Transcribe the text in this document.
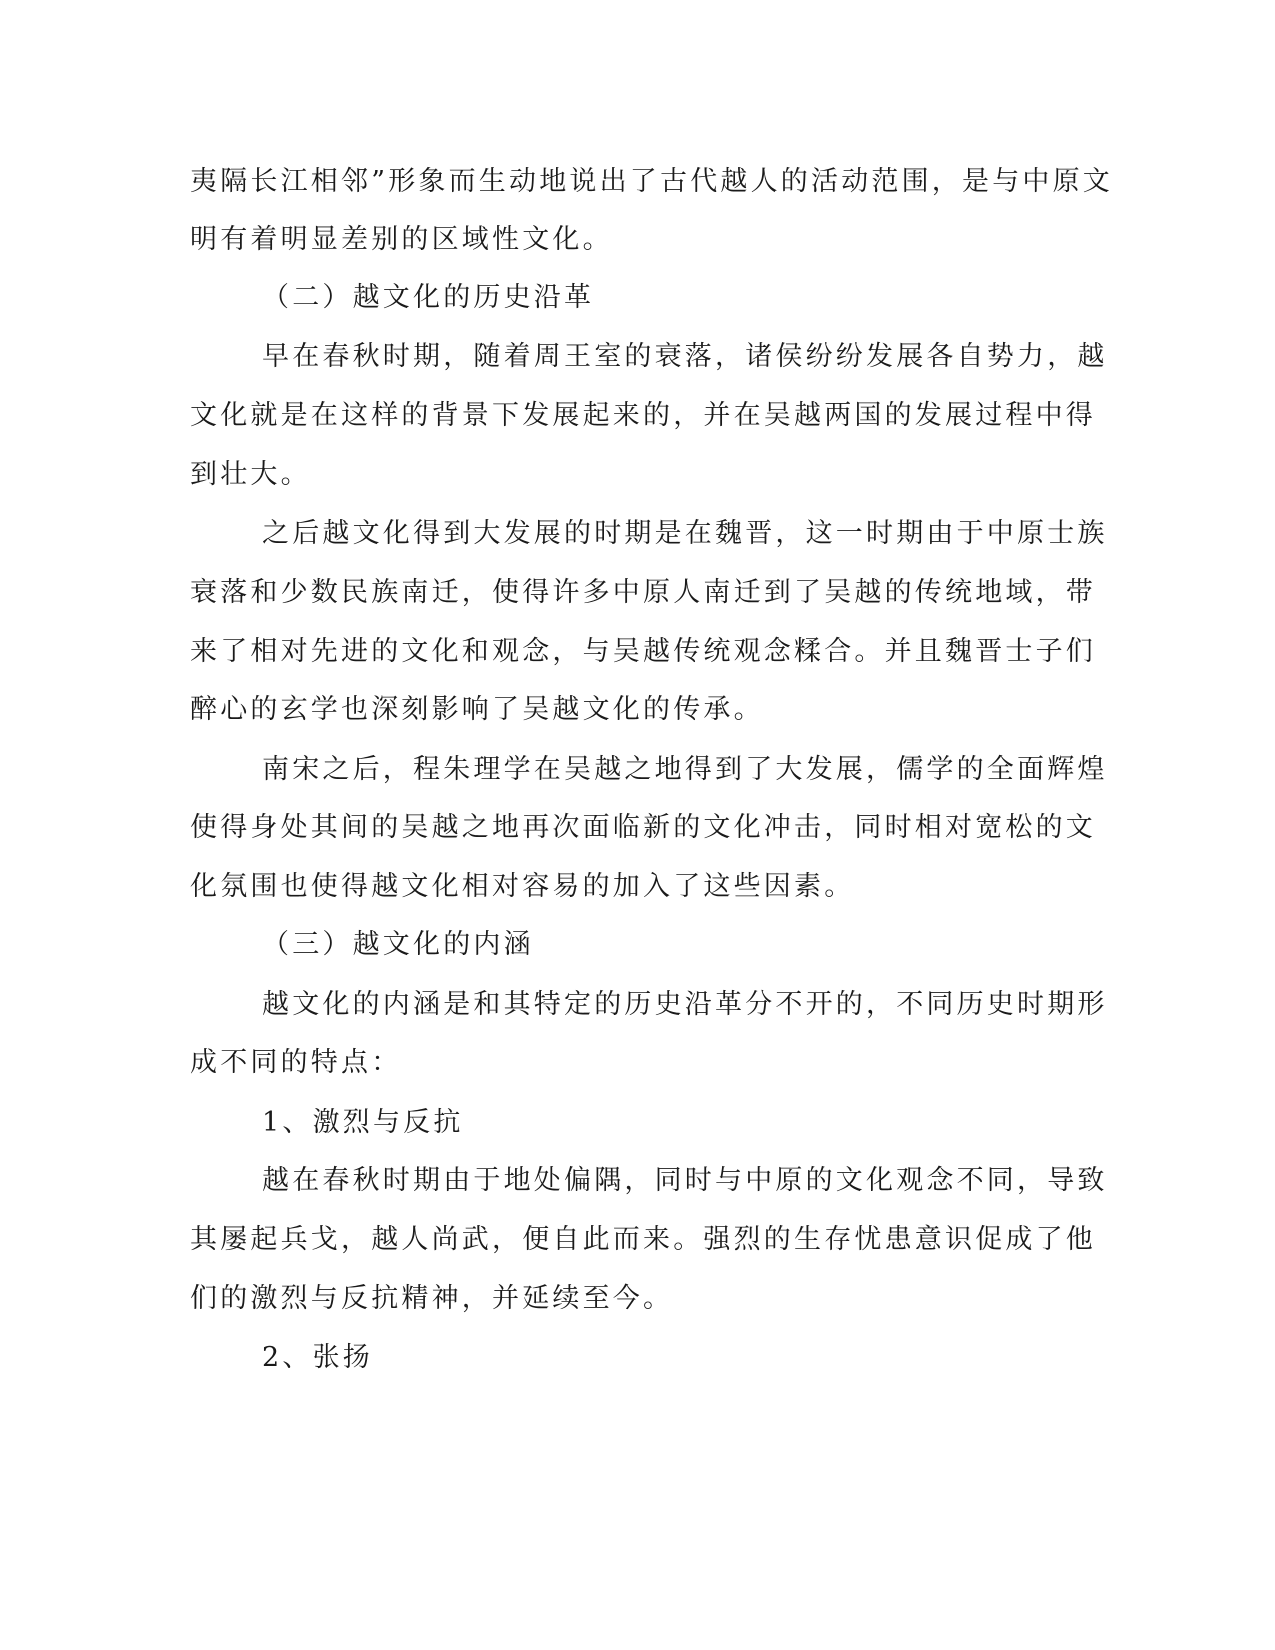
夷隔长江相邻”形象而生动地说出了古代越人的活动范围，是与中原文
明有着明显差别的区域性文化。
（二）越文化的历史沿革
早在春秋时期，随着周王室的衰落，诸侯纷纷发展各自势力，越
文化就是在这样的背景下发展起来的，并在吴越两国的发展过程中得
到壮大。
之后越文化得到大发展的时期是在魏晋，这一时期由于中原士族
衰落和少数民族南迁，使得许多中原人南迁到了吴越的传统地域，带
来了相对先进的文化和观念，与吴越传统观念糅合。并且魏晋士子们
醉心的玄学也深刻影响了吴越文化的传承。
南宋之后，程朱理学在吴越之地得到了大发展，儒学的全面辉煌
使得身处其间的吴越之地再次面临新的文化冲击，同时相对宽松的文
化氛围也使得越文化相对容易的加入了这些因素。
（三）越文化的内涵
越文化的内涵是和其特定的历史沿革分不开的，不同历史时期形
成不同的特点：
1、激烈与反抗
越在春秋时期由于地处偏隅，同时与中原的文化观念不同，导致
其屡起兵戈，越人尚武，便自此而来。强烈的生存忧患意识促成了他
们的激烈与反抗精神，并延续至今。
2、张扬
